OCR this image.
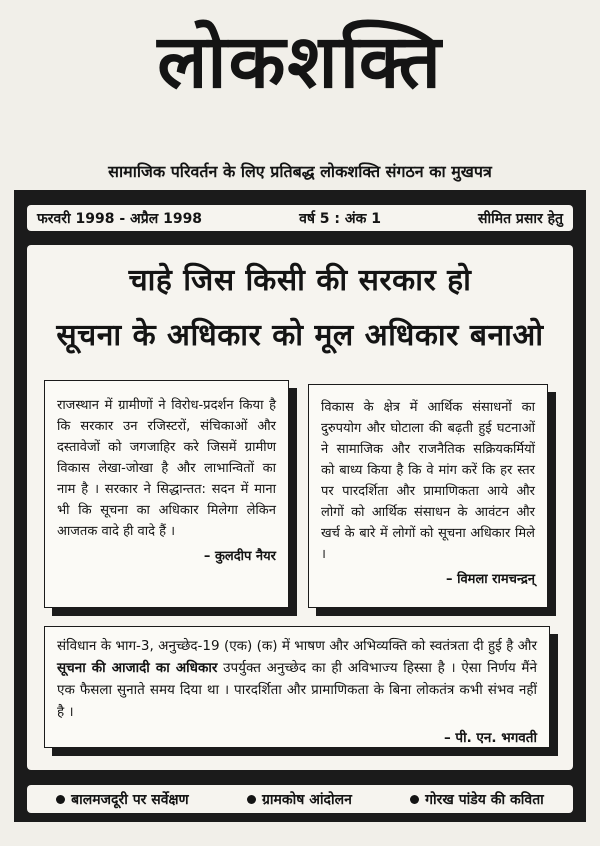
लोकशक्ति
सामाजिक परिवर्तन के लिए प्रतिबद्ध लोकशक्ति संगठन का मुखपत्र
फरवरी 1998 - अप्रैल 1998	वर्ष 5 : अंक 1	सीमित प्रसार हेतु
चाहे जिस किसी की सरकार हो
सूचना के अधिकार को मूल अधिकार बनाओ

राजस्थान में ग्रामीणों ने विरोध-प्रदर्शन किया है कि सरकार उन रजिस्टरों, संचिकाओं और दस्तावेजों को जगजाहिर करे जिसमें ग्रामीण विकास लेखा-जोखा है और लाभान्वितों का नाम है । सरकार ने सिद्धान्तत: सदन में माना भी कि सूचना का अधिकार मिलेगा लेकिन आजतक वादे ही वादे हैं ।

– कुलदीप नैयर

विकास के क्षेत्र में आर्थिक संसाधनों का दुरुपयोग और घोटाला की बढ़ती हुई घटनाओं ने सामाजिक और राजनैतिक सक्रियकर्मियों को बाध्य किया है कि वे मांग करें कि हर स्तर पर पारदर्शिता और प्रामाणिकता आये और लोगों को आर्थिक संसाधन के आवंटन और खर्च के बारे में लोगों को सूचना अधिकार मिले ।

– विमला रामचन्द्रन्

संविधान के भाग-3, अनुच्छेद-19 (एक) (क) में भाषण और अभिव्यक्ति को स्वतंत्रता दी हुई है और सूचना की आजादी का अधिकार उपर्युक्त अनुच्छेद का ही अविभाज्य हिस्सा है । ऐसा निर्णय मैंने एक फैसला सुनाते समय दिया था । पारदर्शिता और प्रामाणिकता के बिना लोकतंत्र कभी संभव नहीं है ।

– पी. एन. भगवती

बालमजदूरी पर सर्वेक्षण	ग्रामकोष आंदोलन	गोरख पांडेय की कविता
